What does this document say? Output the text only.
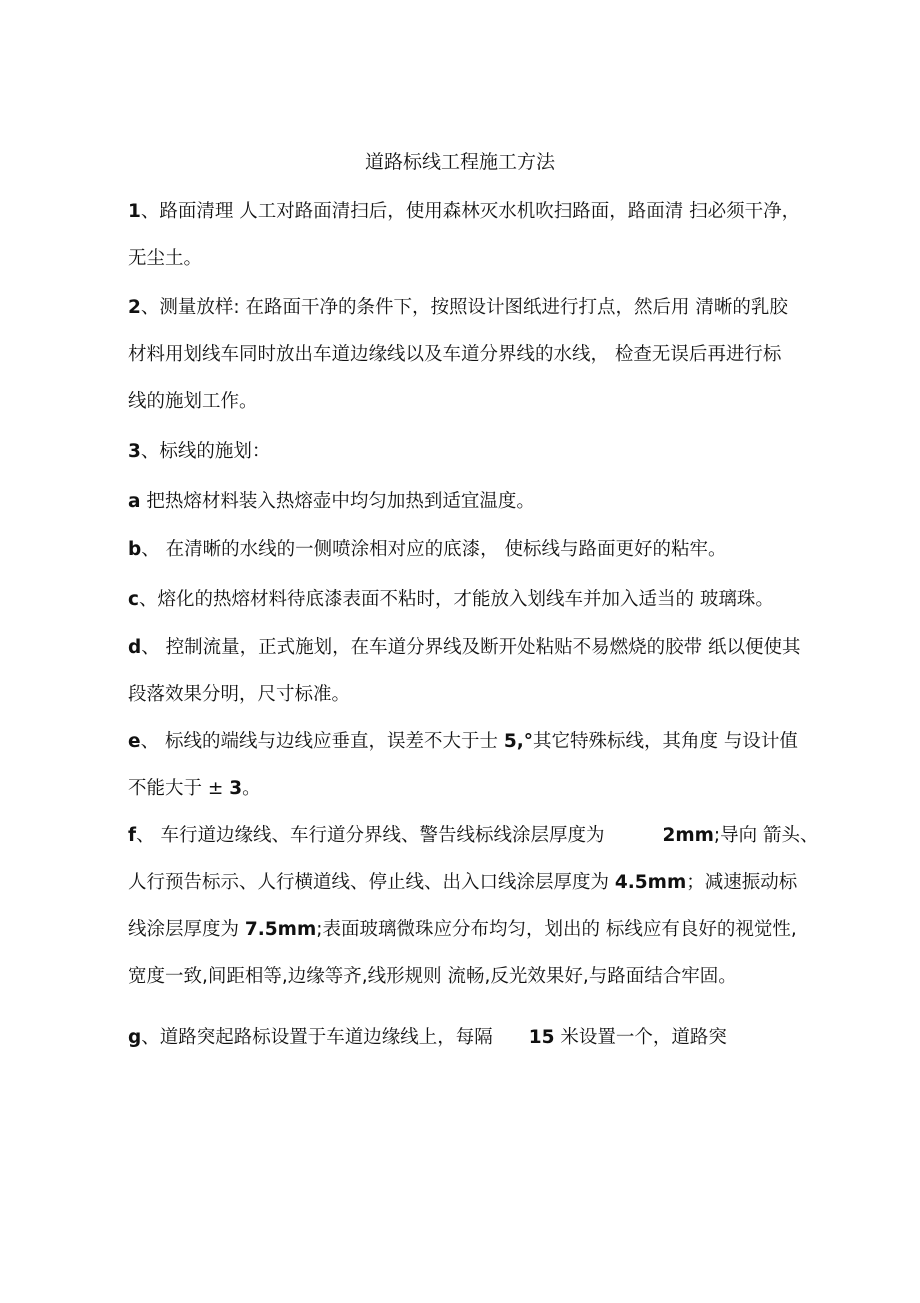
道路标线工程施工方法
1、路面清理 人工对路面清扫后，使用森林灭水机吹扫路面，路面清 扫必须干净，
无尘土。
2、测量放样: 在路面干净的条件下，按照设计图纸进行打点，然后用 清晰的乳胶
材料用划线车同时放出车道边缘线以及车道分界线的水线， 检查无误后再进行标
线的施划工作。
3、标线的施划：
a 把热熔材料装入热熔壶中均匀加热到适宜温度。
b、 在清晰的水线的一侧喷涂相对应的底漆， 使标线与路面更好的粘牢。
c、熔化的热熔材料待底漆表面不粘时，才能放入划线车并加入适当的 玻璃珠。
d、 控制流量，正式施划，在车道分界线及断开处粘贴不易燃烧的胶带 纸以便使其
段落效果分明，尺寸标准。
e、 标线的端线与边线应垂直，误差不大于士 5,°其它特殊标线，其角度 与设计值
不能大于 ± 3。
f、 车行道边缘线、车行道分界线、警告线标线涂层厚度为	2mm;导向 箭头、
人行预告标示、人行横道线、停止线、出入口线涂层厚度为 4.5mm；减速振动标
线涂层厚度为 7.5mm;表面玻璃微珠应分布均匀，划出的 标线应有良好的视觉性,
宽度一致,间距相等,边缘等齐,线形规则 流畅,反光效果好,与路面结合牢固。
g、道路突起路标设置于车道边缘线上，每隔 15 米设置一个，道路突
